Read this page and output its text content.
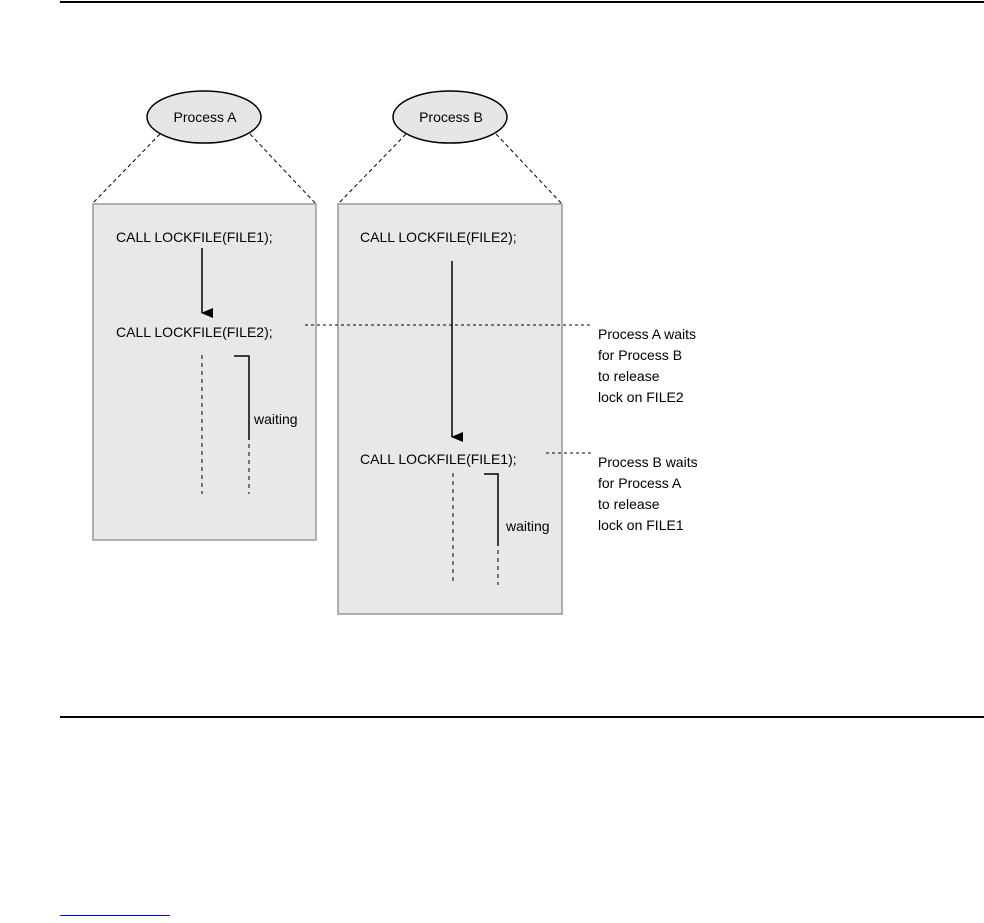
Process A
CALL LOCKFILE(FILE1);
CALL LOCKFILE(FILE2);
waiting
Process B
CALL LOCKFILE(FILE2);
CALL LOCKFILE(FILE1);
waiting
Process A waits
for Process B
to release
lock on FILE2
Process B waits
for Process A
to release
lock on FILE1
